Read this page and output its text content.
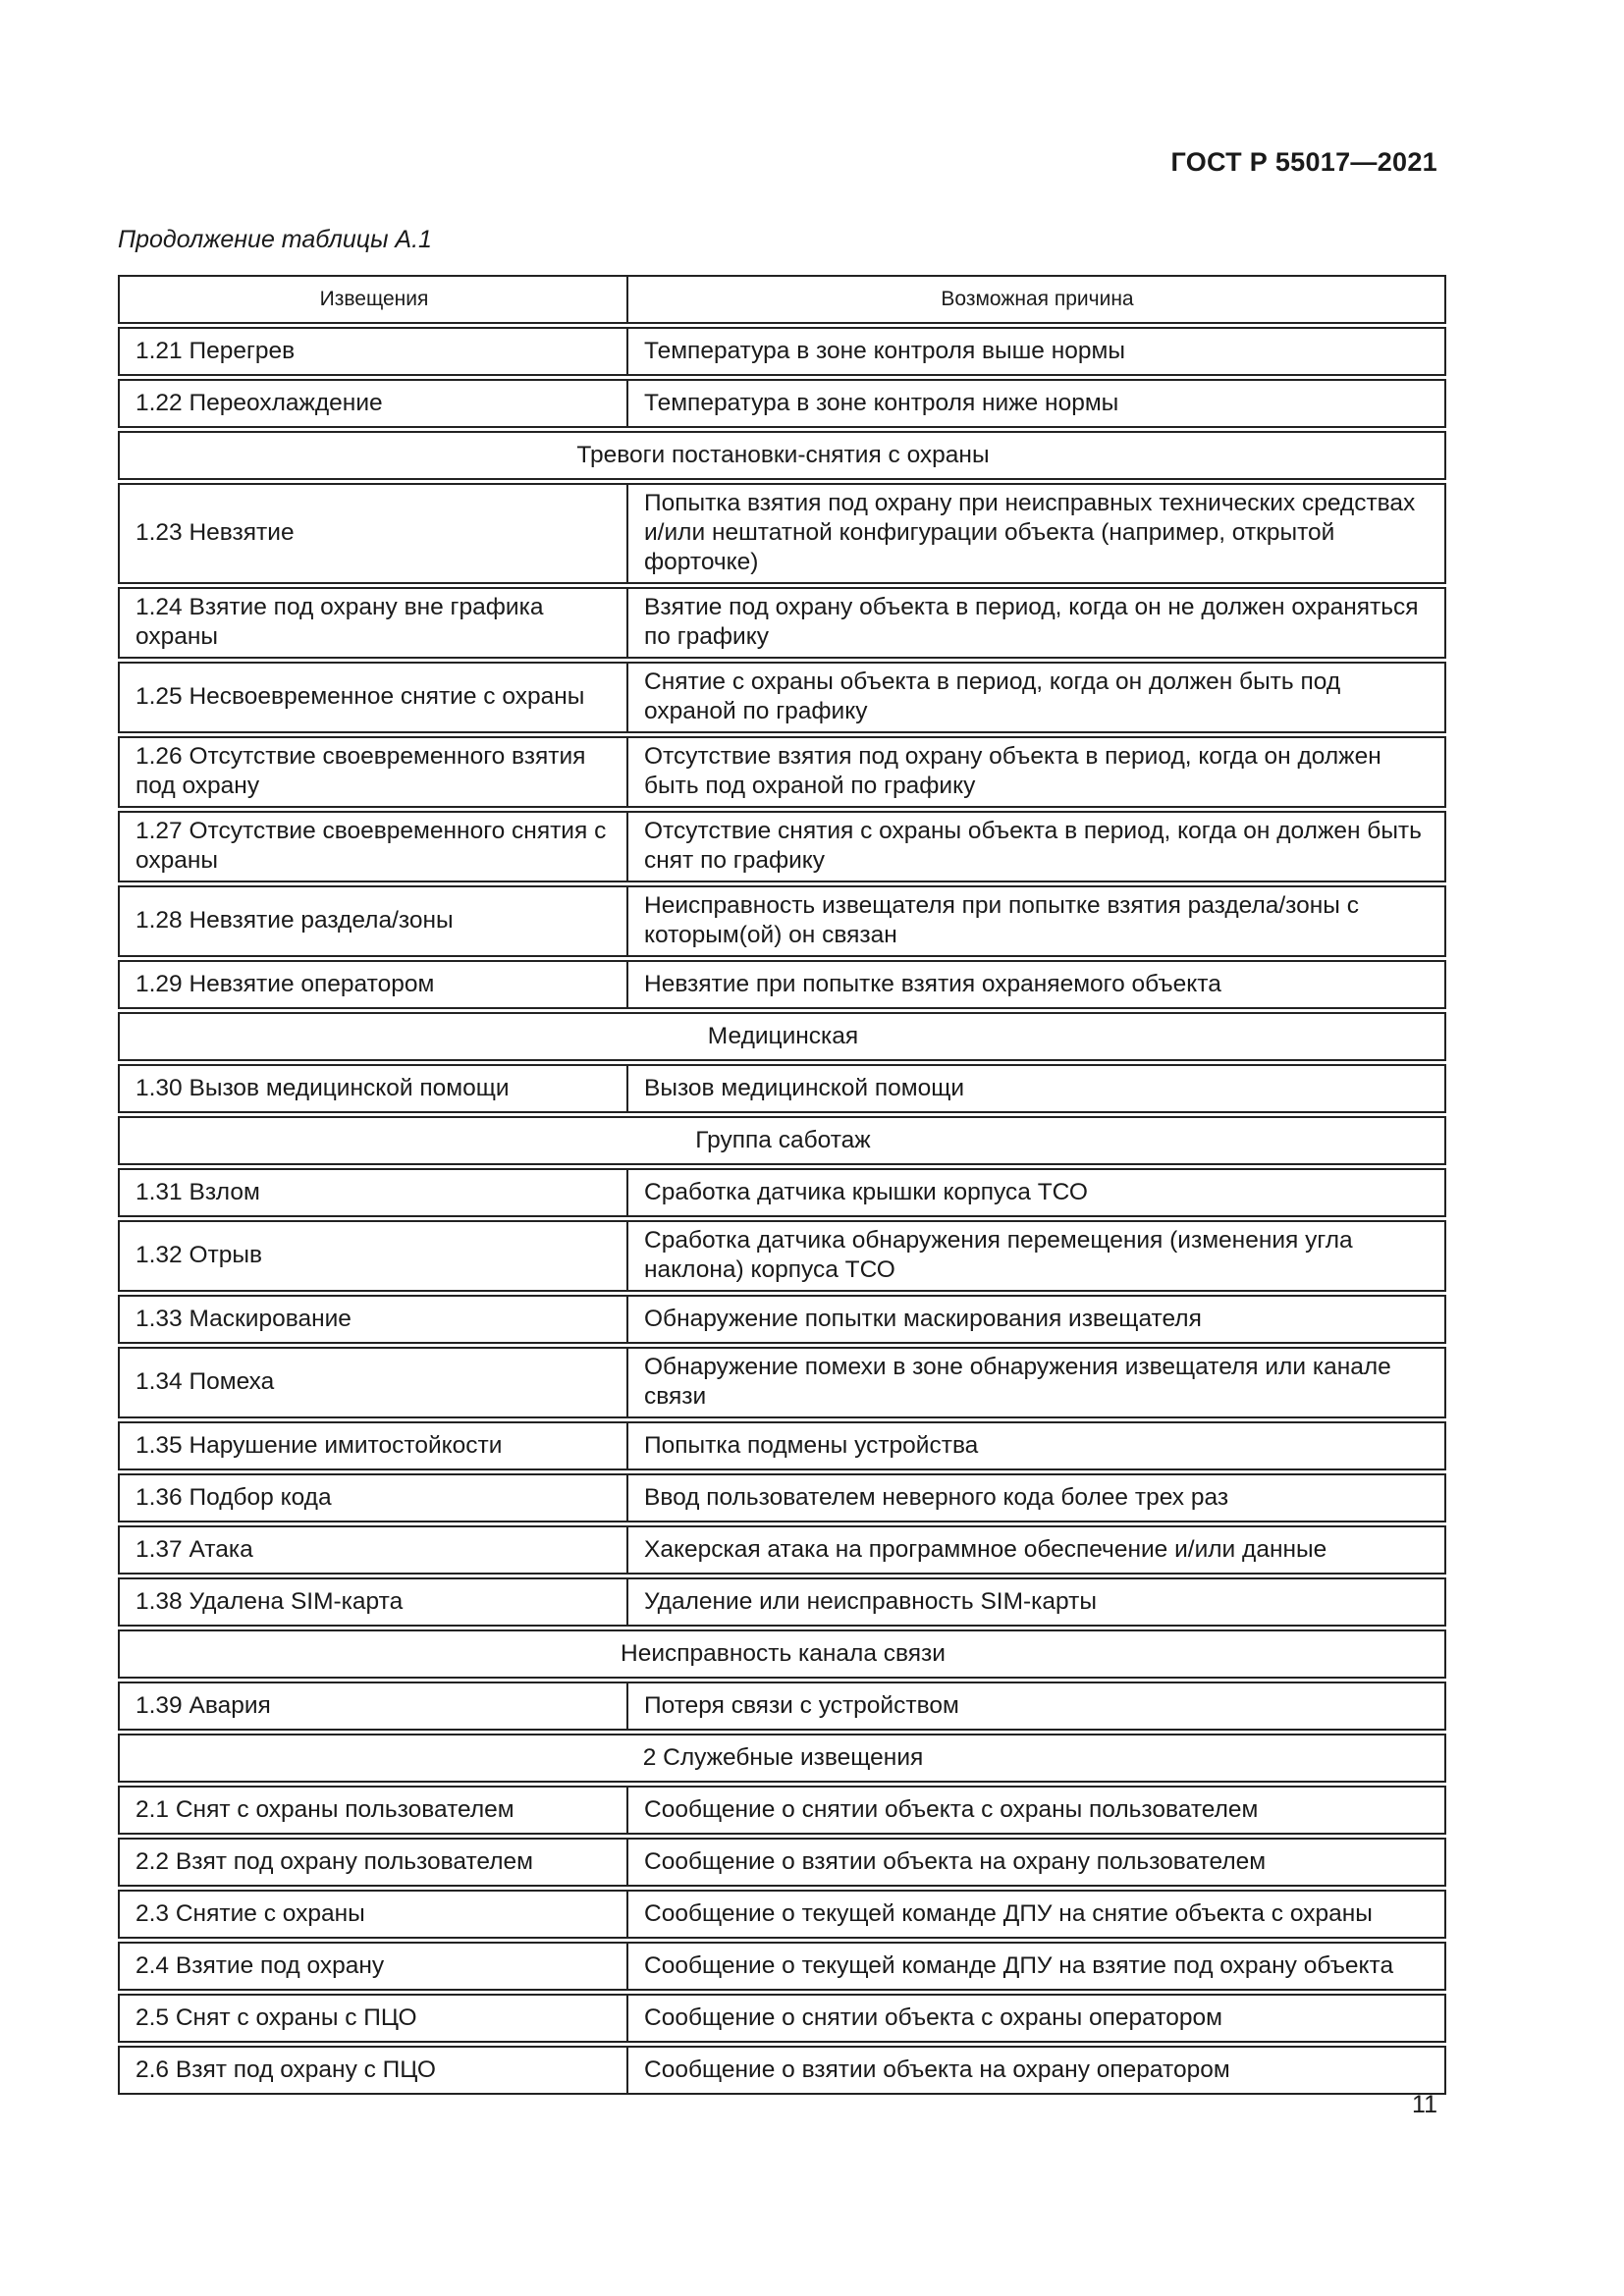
ГОСТ Р 55017—2021
Продолжение таблицы А.1
Извещения	Возможная причина
1.21 Перегрев	Температура в зоне контроля выше нормы
1.22 Переохлаждение	Температура в зоне контроля ниже нормы
Тревоги постановки-снятия с охраны	
1.23 Невзятие	Попытка взятия под охрану при неисправных технических средствах и/или нештатной конфигурации объекта (например, открытой форточке)
1.24 Взятие под охрану вне графика охраны	Взятие под охрану объекта в период, когда он не должен охраняться по графику
1.25 Несвоевременное снятие с охраны	Снятие с охраны объекта в период, когда он должен быть под охраной по графику
1.26 Отсутствие своевременного взятия под охрану	Отсутствие взятия под охрану объекта в период, когда он должен быть под охраной по графику
1.27 Отсутствие своевременного снятия с охраны	Отсутствие снятия с охраны объекта в период, когда он должен быть снят по графику
1.28 Невзятие раздела/зоны	Неисправность извещателя при попытке взятия раздела/зоны с которым(ой) он связан
1.29 Невзятие оператором	Невзятие при попытке взятия охраняемого объекта
Медицинская	
1.30 Вызов медицинской помощи	Вызов медицинской помощи
Группа саботаж	
1.31 Взлом	Сработка датчика крышки корпуса ТСО
1.32 Отрыв	Сработка датчика обнаружения перемещения (изменения угла наклона) корпуса ТСО
1.33 Маскирование	Обнаружение попытки маскирования извещателя
1.34 Помеха	Обнаружение помехи в зоне обнаружения извещателя или канале связи
1.35 Нарушение имитостойкости	Попытка подмены устройства
1.36 Подбор кода	Ввод пользователем неверного кода более трех раз
1.37 Атака	Хакерская атака на программное обеспечение и/или данные
1.38 Удалена SIM-карта	Удаление или неисправность SIM-карты
Неисправность канала связи	
1.39 Авария	Потеря связи с устройством
2 Служебные извещения	
2.1 Снят с охраны пользователем	Сообщение о снятии объекта с охраны пользователем
2.2 Взят под охрану пользователем	Сообщение о взятии объекта на охрану пользователем
2.3 Снятие с охраны	Сообщение о текущей команде ДПУ на снятие объекта с охраны
2.4 Взятие под охрану	Сообщение о текущей команде ДПУ на взятие под охрану объекта
2.5 Снят с охраны с ПЦО	Сообщение о снятии объекта с охраны оператором
2.6 Взят под охрану с ПЦО	Сообщение о взятии объекта на охрану оператором
11
